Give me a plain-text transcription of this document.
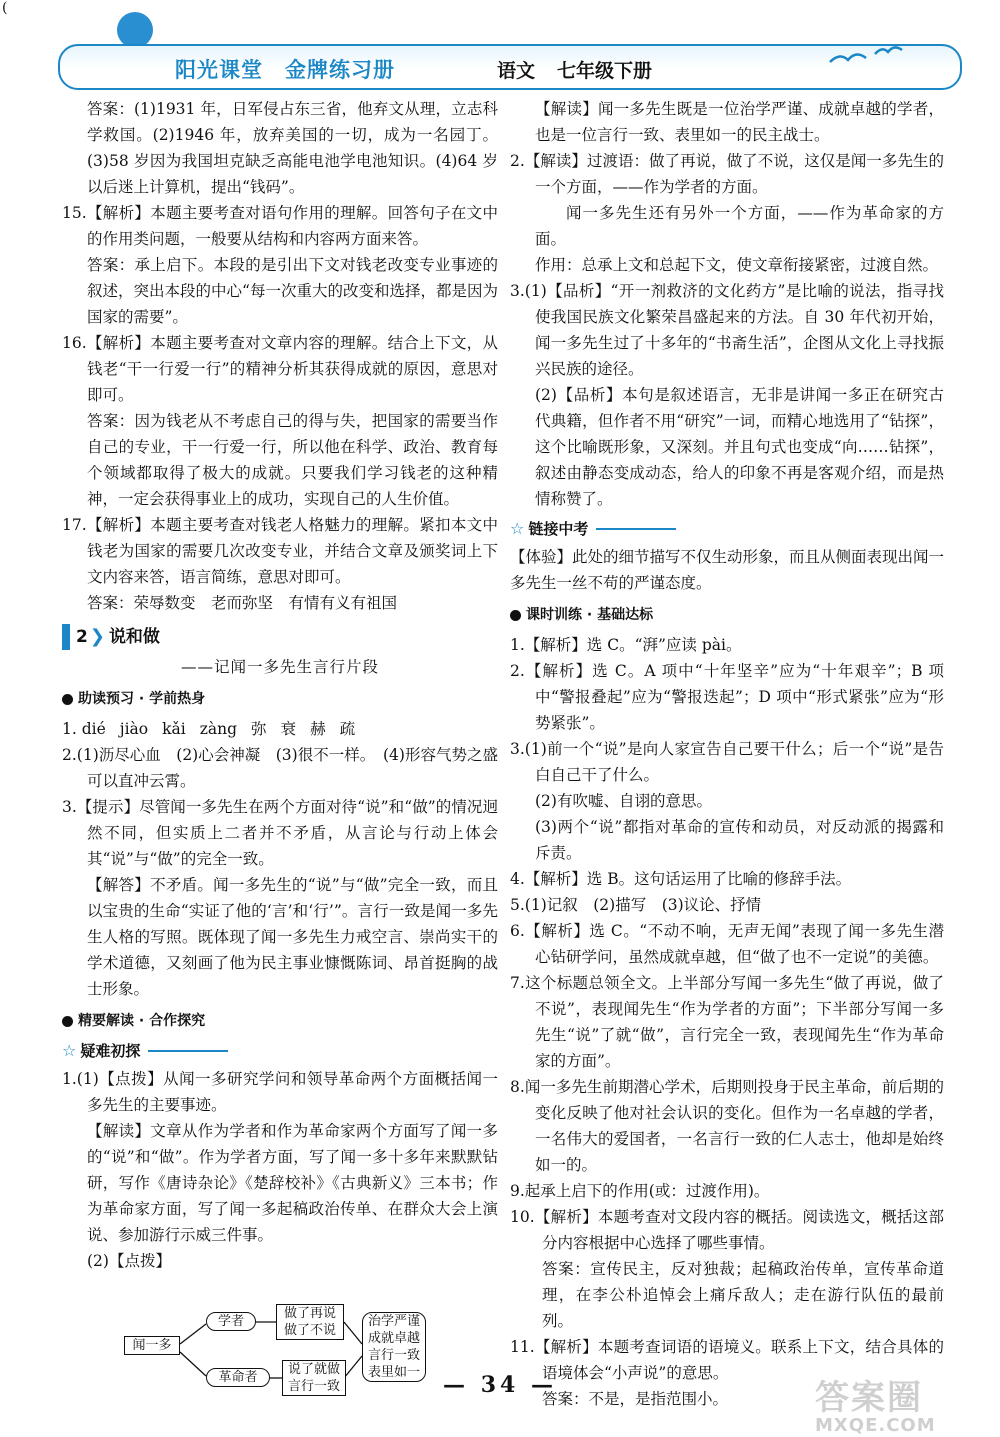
(
阳光课堂 金牌练习册	语文 七年级下册

答案：(1)1931 年，日军侵占东三省，他弃文从理，立志科学救国。(2)1946 年，放弃美国的一切，成为一名园丁。(3)58 岁因为我国坦克缺乏高能电池学电池知识。(4)64 岁以后迷上计算机，提出“钱码”。

15.【解析】本题主要考查对语句作用的理解。回答句子在文中的作用类问题，一般要从结构和内容两方面来答。

答案：承上启下。本段的是引出下文对钱老改变专业事迹的叙述，突出本段的中心“每一次重大的改变和选择，都是因为国家的需要”。

16.【解析】本题主要考查对文章内容的理解。结合上下文，从钱老“干一行爱一行”的精神分析其获得成就的原因，意思对即可。

答案：因为钱老从不考虑自己的得与失，把国家的需要当作自己的专业，干一行爱一行，所以他在科学、政治、教育每个领域都取得了极大的成就。只要我们学习钱老的这种精神，一定会获得事业上的成功，实现自己的人生价值。

17.【解析】本题主要考查对钱老人格魅力的理解。紧扣本文中钱老为国家的需要几次改变专业，并结合文章及颁奖词上下文内容来答，语言简练，意思对即可。

答案：荣辱数变　老而弥坚　有情有义有祖国

2 ❯ 说和做

——记闻一多先生言行片段

助读预习 · 学前热身
1. dié jiào kǎi zàng 弥 衰 赫 疏

2.(1)沥尽心血　(2)心会神凝　(3)很不一样。　(4)形容气势之盛可以直冲云霄。

3.【提示】尽管闻一多先生在两个方面对待“说”和“做”的情况迥然不同，但实质上二者并不矛盾，从言论与行动上体会其“说”与“做”的完全一致。

【解答】不矛盾。闻一多先生的“说”与“做”完全一致，而且以宝贵的生命“实证了他的‘言’和‘行’”。言行一致是闻一多先生人格的写照。既体现了闻一多先生力戒空言、崇尚实干的学术道德，又刻画了他为民主事业慷慨陈词、昂首挺胸的战士形象。

精要解读 · 合作探究
☆ 疑难初探

1.(1)【点拨】从闻一多研究学问和领导革命两个方面概括闻一多先生的主要事迹。

【解读】文章从作为学者和作为革命家两个方面写了闻一多的“说”和“做”。作为学者方面，写了闻一多十多年来默默钻研，写作《唐诗杂论》《楚辞校补》《古典新义》三本书；作为革命家方面，写了闻一多起稿政治传单、在群众大会上演说、参加游行示威三件事。

(2)【点拨】

闻一多
学者
革命者
做了再说
做了不说
说了就做
言行一致
治学严谨
成就卓越
言行一致
表里如一

【解读】闻一多先生既是一位治学严谨、成就卓越的学者，也是一位言行一致、表里如一的民主战士。

2.【解读】过渡语：做了再说，做了不说，这仅是闻一多先生的一个方面，——作为学者的方面。

闻一多先生还有另外一个方面，——作为革命家的方面。

作用：总承上文和总起下文，使文章衔接紧密，过渡自然。

3.(1)【品析】“开一剂救济的文化药方”是比喻的说法，指寻找使我国民族文化繁荣昌盛起来的方法。自 30 年代初开始，闻一多先生过了十多年的“书斋生活”，企图从文化上寻找振兴民族的途径。

(2)【品析】本句是叙述语言，无非是讲闻一多正在研究古代典籍，但作者不用“研究”一词，而精心地选用了“钻探”，这个比喻既形象，又深刻。并且句式也变成“向……钻探”，叙述由静态变成动态，给人的印象不再是客观介绍，而是热情称赞了。

☆ 链接中考

【体验】此处的细节描写不仅生动形象，而且从侧面表现出闻一多先生一丝不苟的严谨态度。

课时训练 · 基础达标

1.【解析】选 C。“湃”应读 pài。

2.【解析】选 C。A 项中“十年坚辛”应为“十年艰辛”；B 项中“警报叠起”应为“警报迭起”；D 项中“形式紧张”应为“形势紧张”。

3.(1)前一个“说”是向人家宣告自己要干什么；后一个“说”是告白自己干了什么。

(2)有吹嘘、自诩的意思。

(3)两个“说”都指对革命的宣传和动员，对反动派的揭露和斥责。

4.【解析】选 B。这句话运用了比喻的修辞手法。

5.(1)记叙　(2)描写　(3)议论、抒情

6.【解析】选 C。“不动不响，无声无闻”表现了闻一多先生潜心钻研学问，虽然成就卓越，但“做了也不一定说”的美德。

7.这个标题总领全文。上半部分写闻一多先生“做了再说，做了不说”，表现闻先生“作为学者的方面”；下半部分写闻一多先生“说”了就“做”，言行完全一致，表现闻先生“作为革命家的方面”。

8.闻一多先生前期潜心学术，后期则投身于民主革命，前后期的变化反映了他对社会认识的变化。但作为一名卓越的学者，一名伟大的爱国者，一名言行一致的仁人志士，他却是始终如一的。

9.起承上启下的作用(或：过渡作用)。

10.【解析】本题考查对文段内容的概括。阅读选文，概括这部分内容根据中心选择了哪些事情。

答案：宣传民主，反对独裁；起稿政治传单，宣传革命道理，在李公朴追悼会上痛斥敌人；走在游行队伍的最前列。

11.【解析】本题考查词语的语境义。联系上下文，结合具体的语境体会“小声说”的意思。

答案：不是，是指范围小。

— 34 —	答案圈
MXQE.COM
